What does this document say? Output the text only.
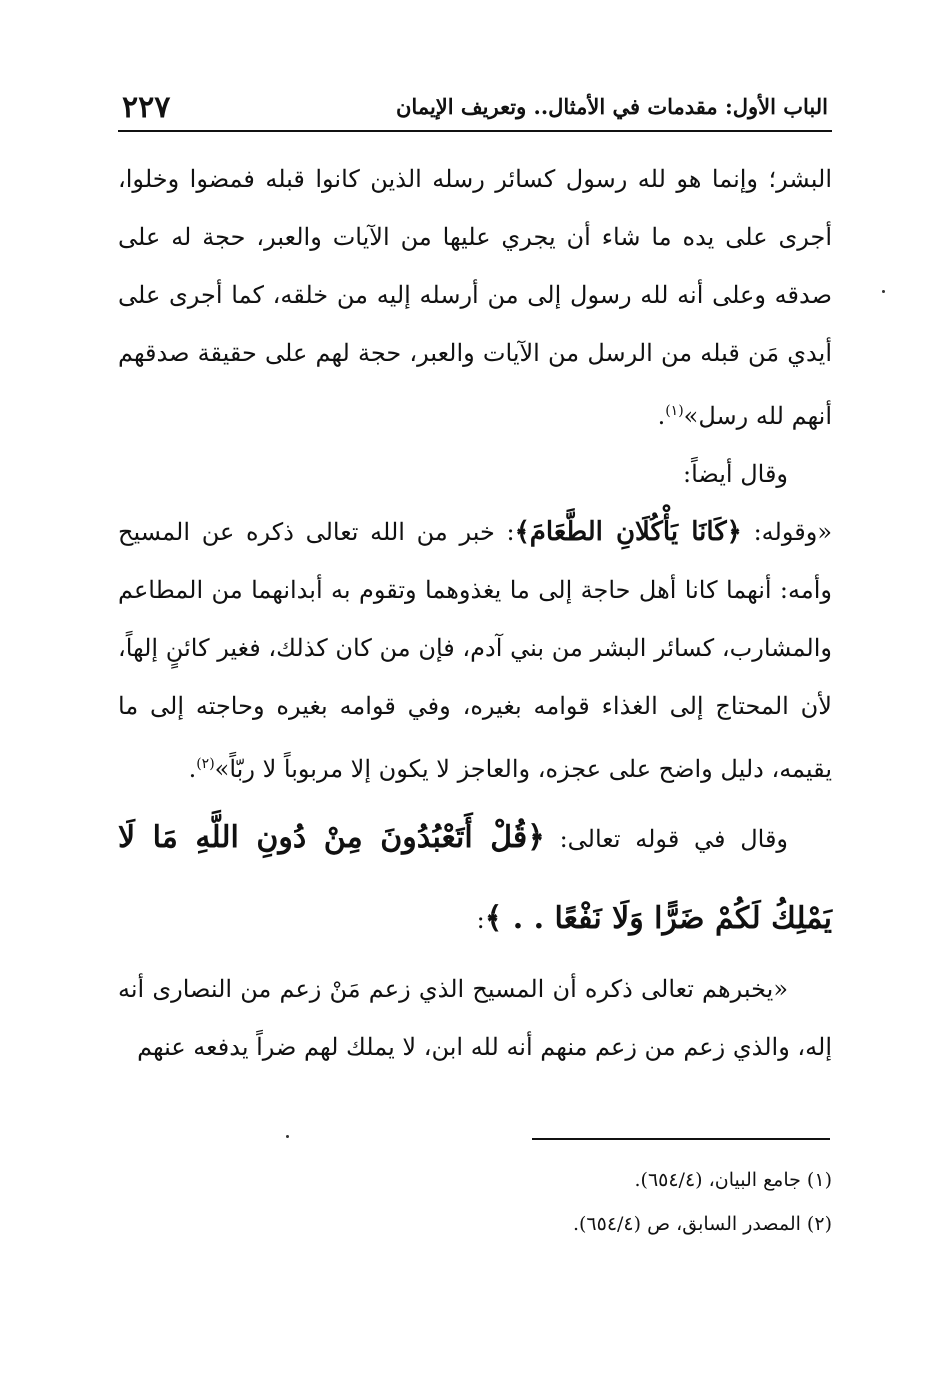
٢٢٧	الباب الأول: مقدمات في الأمثال.. وتعريف الإيمان

البشر؛ وإنما هو لله رسول كسائر رسله الذين كانوا قبله فمضوا وخلوا، أجرى على يده ما شاء أن يجري عليها من الآيات والعبر، حجة له على صدقه وعلى أنه لله رسول إلى من أرسله إليه من خلقه، كما أجرى على أيدي مَن قبله من الرسل من الآيات والعبر، حجة لهم على حقيقة صدقهم أنهم لله رسل»$^{(١)}$.

وقال أيضاً:

«وقوله: ﴿كَانَا يَأْكُلَانِ الطَّعَامَ﴾: خبر من الله تعالى ذكره عن المسيح وأمه: أنهما كانا أهل حاجة إلى ما يغذوهما وتقوم به أبدانهما من المطاعم والمشارب، كسائر البشر من بني آدم، فإن من كان كذلك، فغير كائنٍ إلهاً، لأن المحتاج إلى الغذاء قوامه بغيره، وفي قوامه بغيره وحاجته إلى ما يقيمه، دليل واضح على عجزه، والعاجز لا يكون إلا مربوباً لا ربّاً»$^{(٢)}$.

وقال في قوله تعالى: ﴿قُلْ أَتَعْبُدُونَ مِنْ دُونِ اللَّهِ مَا لَا يَمْلِكُ لَكُمْ ضَرًّا وَلَا نَفْعًا . . ﴾:

«يخبرهم تعالى ذكره أن المسيح الذي زعم مَنْ زعم من النصارى أنه إله، والذي زعم من زعم منهم أنه لله ابن، لا يملك لهم ضراً يدفعه عنهم

(١) جامع البيان، (٦٥٤/٤).

(٢) المصدر السابق، ص (٦٥٤/٤).
